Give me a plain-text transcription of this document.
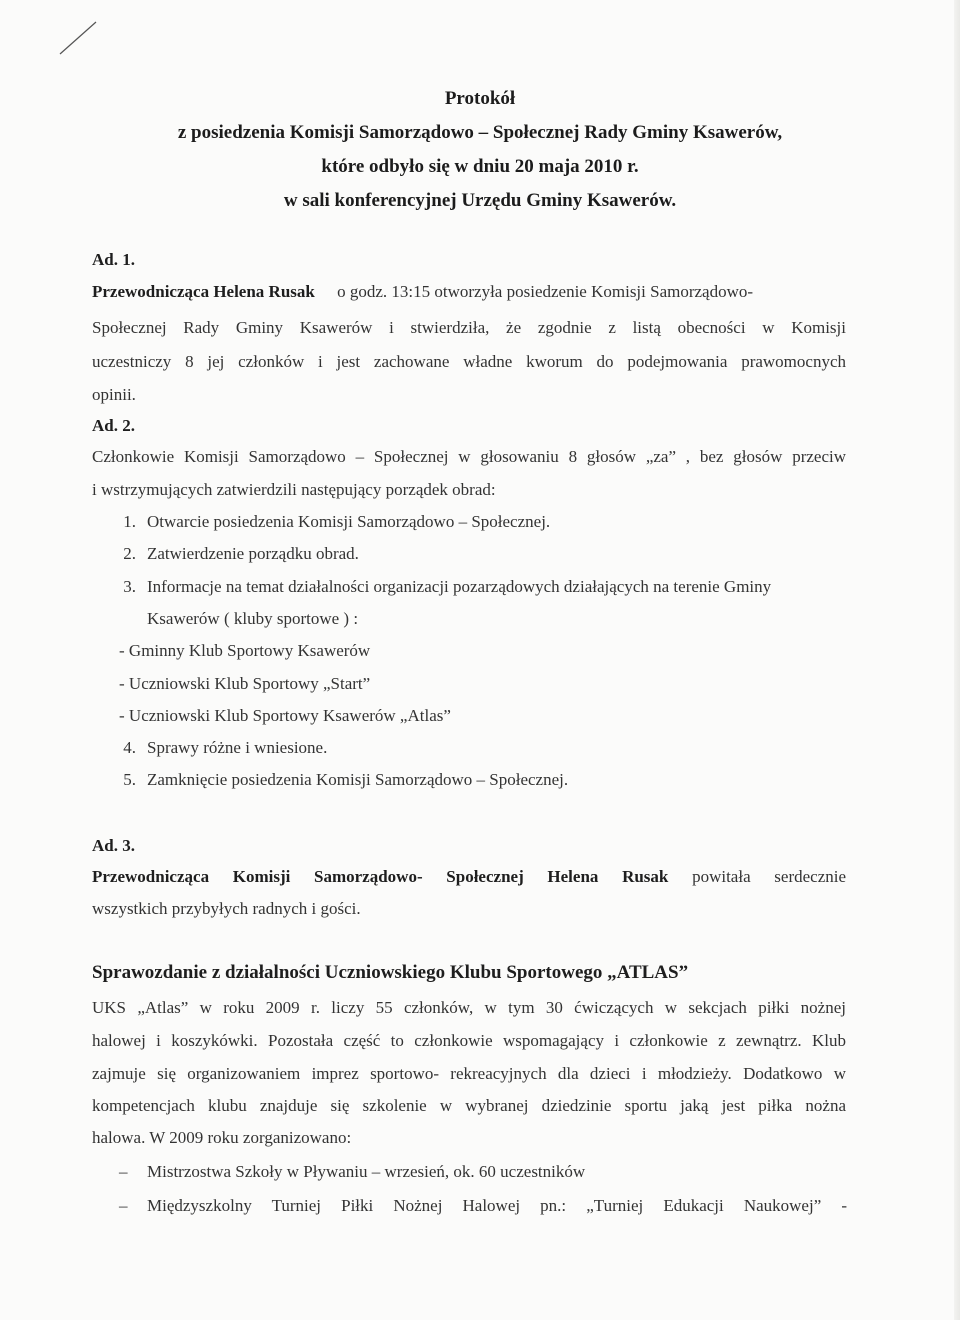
Protokół
z posiedzenia Komisji Samorządowo – Społecznej Rady Gminy Ksawerów,
które odbyło się w dniu 20 maja 2010 r.
w sali konferencyjnej Urzędu Gminy Ksawerów.
Ad. 1.
Przewodnicząca Helena Rusak o godz. 13:15 otworzyła posiedzenie Komisji Samorządowo-
Społecznej Rady Gminy Ksawerów i stwierdziła, że zgodnie z listą obecności w Komisji
uczestniczy 8 jej członków i jest zachowane władne kworum do podejmowania prawomocnych
opinii.
Ad. 2.
Członkowie Komisji Samorządowo – Społecznej w głosowaniu 8 głosów „za” , bez głosów przeciw
i wstrzymujących zatwierdzili następujący porządek obrad:
1. Otwarcie posiedzenia Komisji Samorządowo – Społecznej.
2. Zatwierdzenie porządku obrad.
3. Informacje na temat działalności organizacji pozarządowych działających na terenie Gminy
Ksawerów ( kluby sportowe ) :
- Gminny Klub Sportowy Ksawerów
- Uczniowski Klub Sportowy „Start”
- Uczniowski Klub Sportowy Ksawerów „Atlas”
4. Sprawy różne i wniesione.
5. Zamknięcie posiedzenia Komisji Samorządowo – Społecznej.
Ad. 3.
Przewodnicząca Komisji Samorządowo- Społecznej Helena Rusak powitała serdecznie
wszystkich przybyłych radnych i gości.
Sprawozdanie z działalności Uczniowskiego Klubu Sportowego „ATLAS”
UKS „Atlas” w roku 2009 r. liczy 55 członków, w tym 30 ćwiczących w sekcjach piłki nożnej
halowej i koszykówki. Pozostała część to członkowie wspomagający i członkowie z zewnątrz. Klub
zajmuje się organizowaniem imprez sportowo- rekreacyjnych dla dzieci i młodzieży. Dodatkowo w
kompetencjach klubu znajduje się szkolenie w wybranej dziedzinie sportu jaką jest piłka nożna
halowa. W 2009 roku zorganizowano:
– Mistrzostwa Szkoły w Pływaniu – wrzesień, ok. 60 uczestników
– Międzyszkolny Turniej Piłki Nożnej Halowej pn.: „Turniej Edukacji Naukowej” -
